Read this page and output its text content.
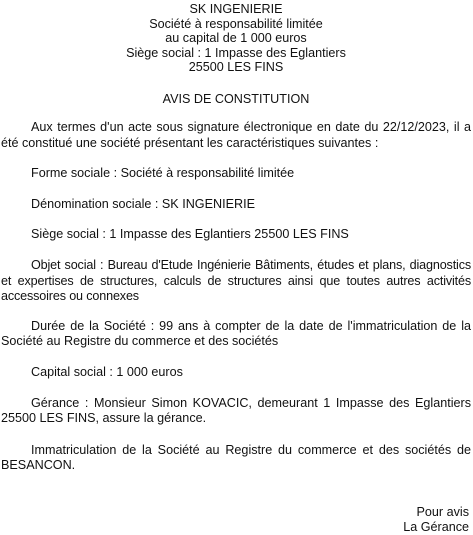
SK INGENIERIE
Société à responsabilité limitée
au capital de 1 000 euros
Siège social : 1 Impasse des Eglantiers
25500 LES FINS
AVIS DE CONSTITUTION

Aux termes d'un acte sous signature électronique en date du 22/12/2023, il a été constitué une société présentant les caractéristiques suivantes :

Forme sociale : Société à responsabilité limitée

Dénomination sociale : SK INGENIERIE

Siège social : 1 Impasse des Eglantiers 25500 LES FINS

Objet social : Bureau d'Etude Ingénierie Bâtiments, études et plans, diagnostics et expertises de structures, calculs de structures ainsi que toutes autres activités accessoires ou connexes

Durée de la Société : 99 ans à compter de la date de l'immatriculation de la Société au Registre du commerce et des sociétés

Capital social : 1 000 euros

Gérance : Monsieur Simon KOVACIC, demeurant 1 Impasse des Eglantiers 25500 LES FINS, assure la gérance.

Immatriculation de la Société au Registre du commerce et des sociétés de BESANCON.

Pour avis
La Gérance
